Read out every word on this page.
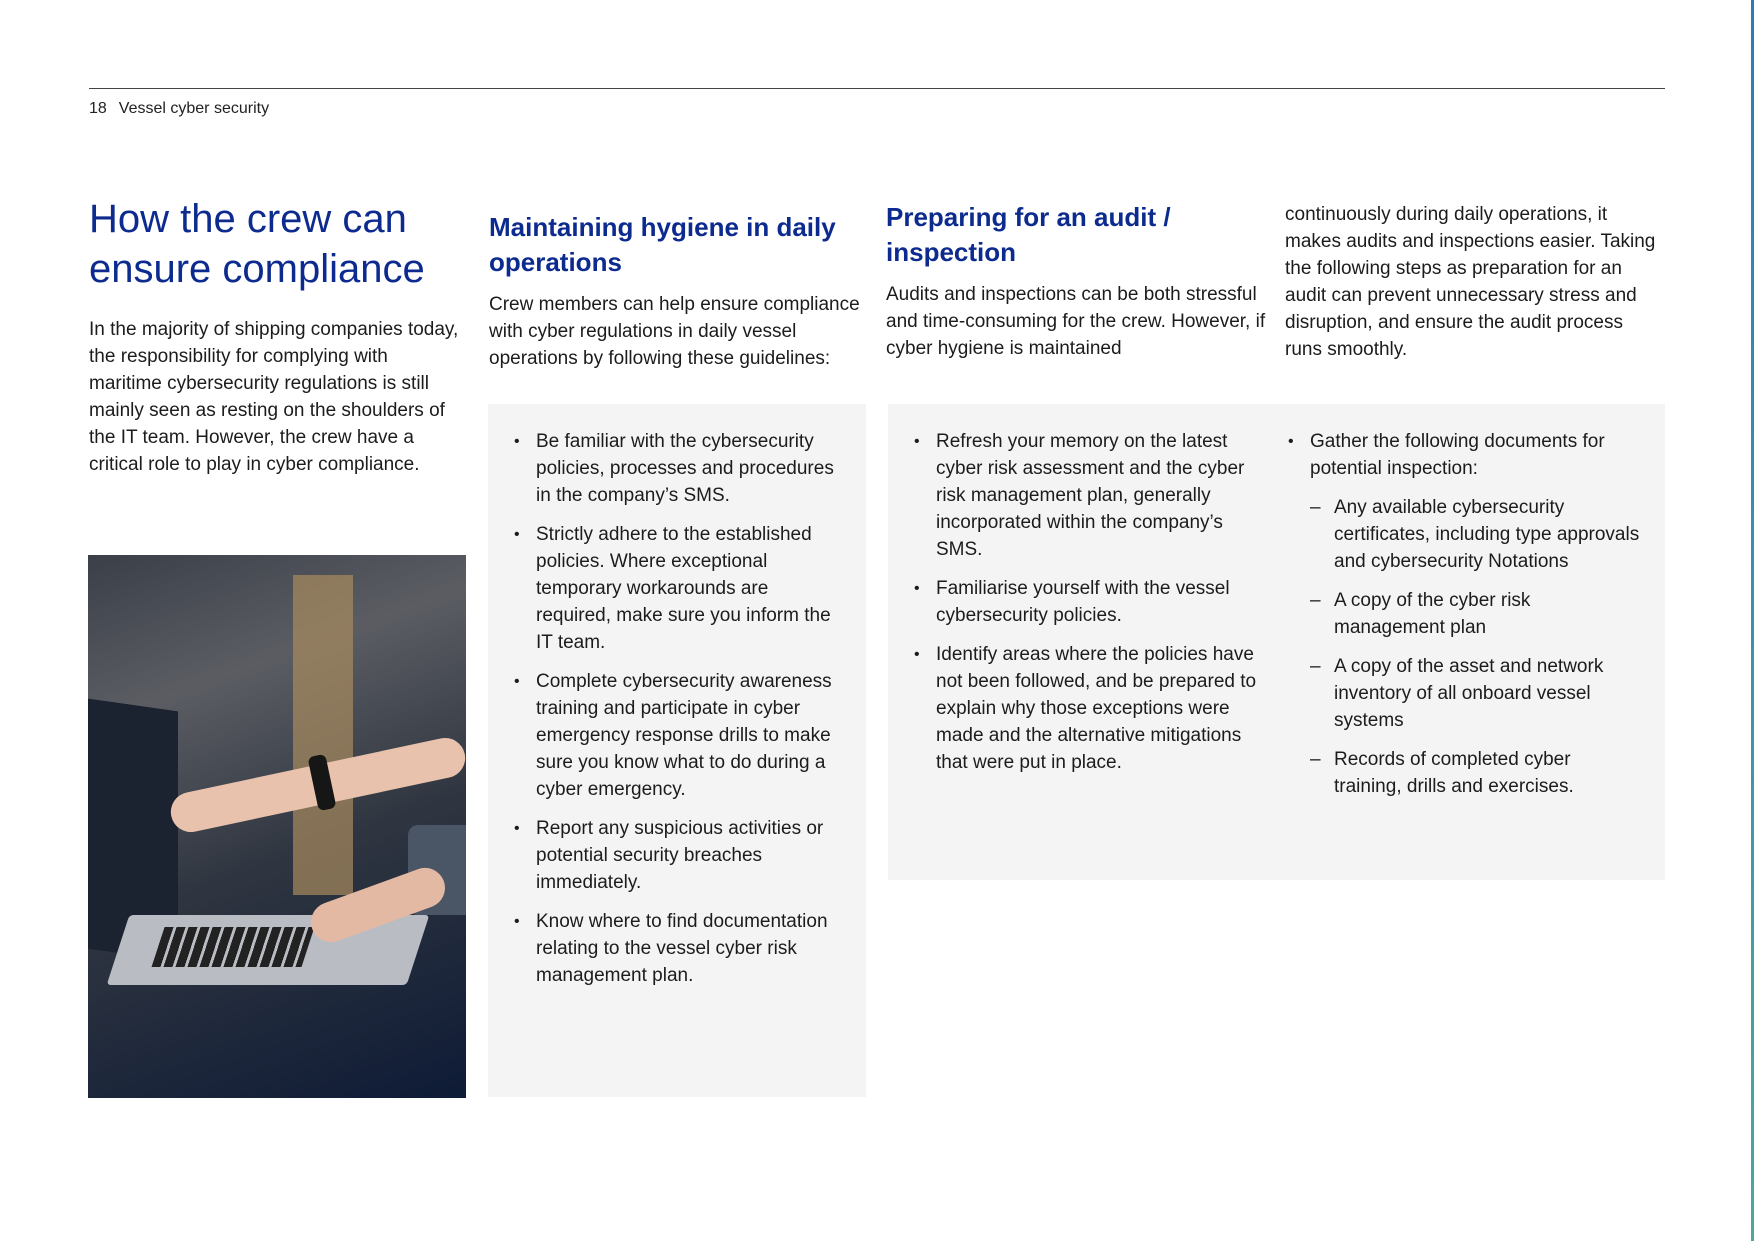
18 Vessel cyber security
How the crew can ensure compliance

In the majority of shipping companies today, the responsibility for complying with maritime cybersecurity regulations is still mainly seen as resting on the shoulders of the IT team. However, the crew have a critical role to play in cyber compliance.

Maintaining hygiene in daily operations

Crew members can help ensure compliance with cyber regulations in daily vessel operations by following these guidelines:

• Be familiar with the cybersecurity policies, processes and procedures in the company’s SMS.
• Strictly adhere to the established policies. Where exceptional temporary workarounds are required, make sure you inform the IT team.
• Complete cybersecurity awareness training and participate in cyber emergency response drills to make sure you know what to do during a cyber emergency.
• Report any suspicious activities or potential security breaches immediately.
• Know where to find documentation relating to the vessel cyber risk management plan.
Preparing for an audit / inspection

Audits and inspections can be both stressful and time-consuming for the crew. However, if cyber hygiene is maintained

continuously during daily operations, it makes audits and inspections easier. Taking the following steps as preparation for an audit can prevent unnecessary stress and disruption, and ensure the audit process runs smoothly.

• Refresh your memory on the latest cyber risk assessment and the cyber risk management plan, generally incorporated within the company’s SMS.
• Familiarise yourself with the vessel cybersecurity policies.
• Identify areas where the policies have not been followed, and be prepared to explain why those exceptions were made and the alternative mitigations that were put in place.
• Gather the following documents for potential inspection:
– Any available cybersecurity certificates, including type approvals and cybersecurity Notations
– A copy of the cyber risk management plan
– A copy of the asset and network inventory of all onboard vessel systems
– Records of completed cyber training, drills and exercises.
